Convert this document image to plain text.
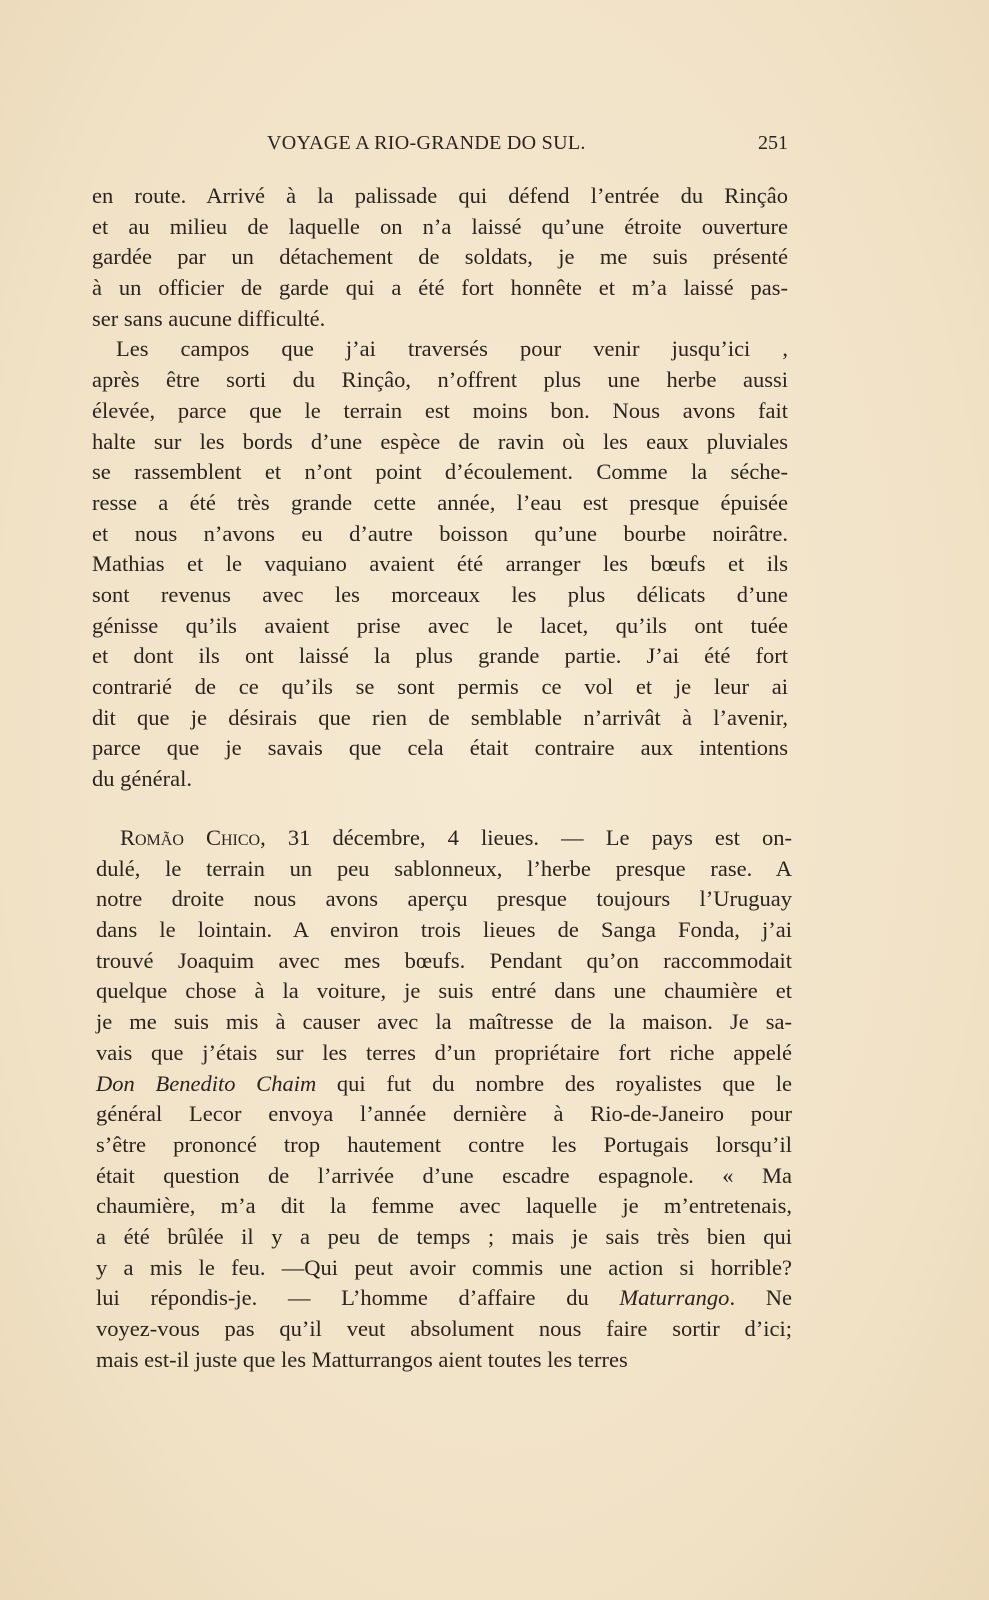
VOYAGE A RIO-GRANDE DO SUL.	251
en route. Arrivé à la palissade qui défend l’entrée du Rinçâo
et au milieu de laquelle on n’a laissé qu’une étroite ouverture
gardée par un détachement de soldats, je me suis présenté
à un officier de garde qui a été fort honnête et m’a laissé pas-
ser sans aucune difficulté.
Les campos que j’ai traversés pour venir jusqu’ici ,
après être sorti du Rinçâo, n’offrent plus une herbe aussi
élevée, parce que le terrain est moins bon. Nous avons fait
halte sur les bords d’une espèce de ravin où les eaux pluviales
se rassemblent et n’ont point d’écoulement. Comme la séche-
resse a été très grande cette année, l’eau est presque épuisée
et nous n’avons eu d’autre boisson qu’une bourbe noirâtre.
Mathias et le vaquiano avaient été arranger les bœufs et ils
sont revenus avec les morceaux les plus délicats d’une
génisse qu’ils avaient prise avec le lacet, qu’ils ont tuée
et dont ils ont laissé la plus grande partie. J’ai été fort
contrarié de ce qu’ils se sont permis ce vol et je leur ai
dit que je désirais que rien de semblable n’arrivât à l’avenir,
parce que je savais que cela était contraire aux intentions
du général.
Romão Chico, 31 décembre, 4 lieues. — Le pays est on-
dulé, le terrain un peu sablonneux, l’herbe presque rase. A
notre droite nous avons aperçu presque toujours l’Uruguay
dans le lointain. A environ trois lieues de Sanga Fonda, j’ai
trouvé Joaquim avec mes bœufs. Pendant qu’on raccommodait
quelque chose à la voiture, je suis entré dans une chaumière et
je me suis mis à causer avec la maîtresse de la maison. Je sa-
vais que j’étais sur les terres d’un propriétaire fort riche appelé
Don Benedito Chaim qui fut du nombre des royalistes que le
général Lecor envoya l’année dernière à Rio-de-Janeiro pour
s’être prononcé trop hautement contre les Portugais lorsqu’il
était question de l’arrivée d’une escadre espagnole. « Ma
chaumière, m’a dit la femme avec laquelle je m’entretenais,
a été brûlée il y a peu de temps ; mais je sais très bien qui
y a mis le feu. —Qui peut avoir commis une action si horrible?
lui répondis-je. — L’homme d’affaire du Maturrango. Ne
voyez-vous pas qu’il veut absolument nous faire sortir d’ici;
mais est-il juste que les Matturrangos aient toutes les terres
